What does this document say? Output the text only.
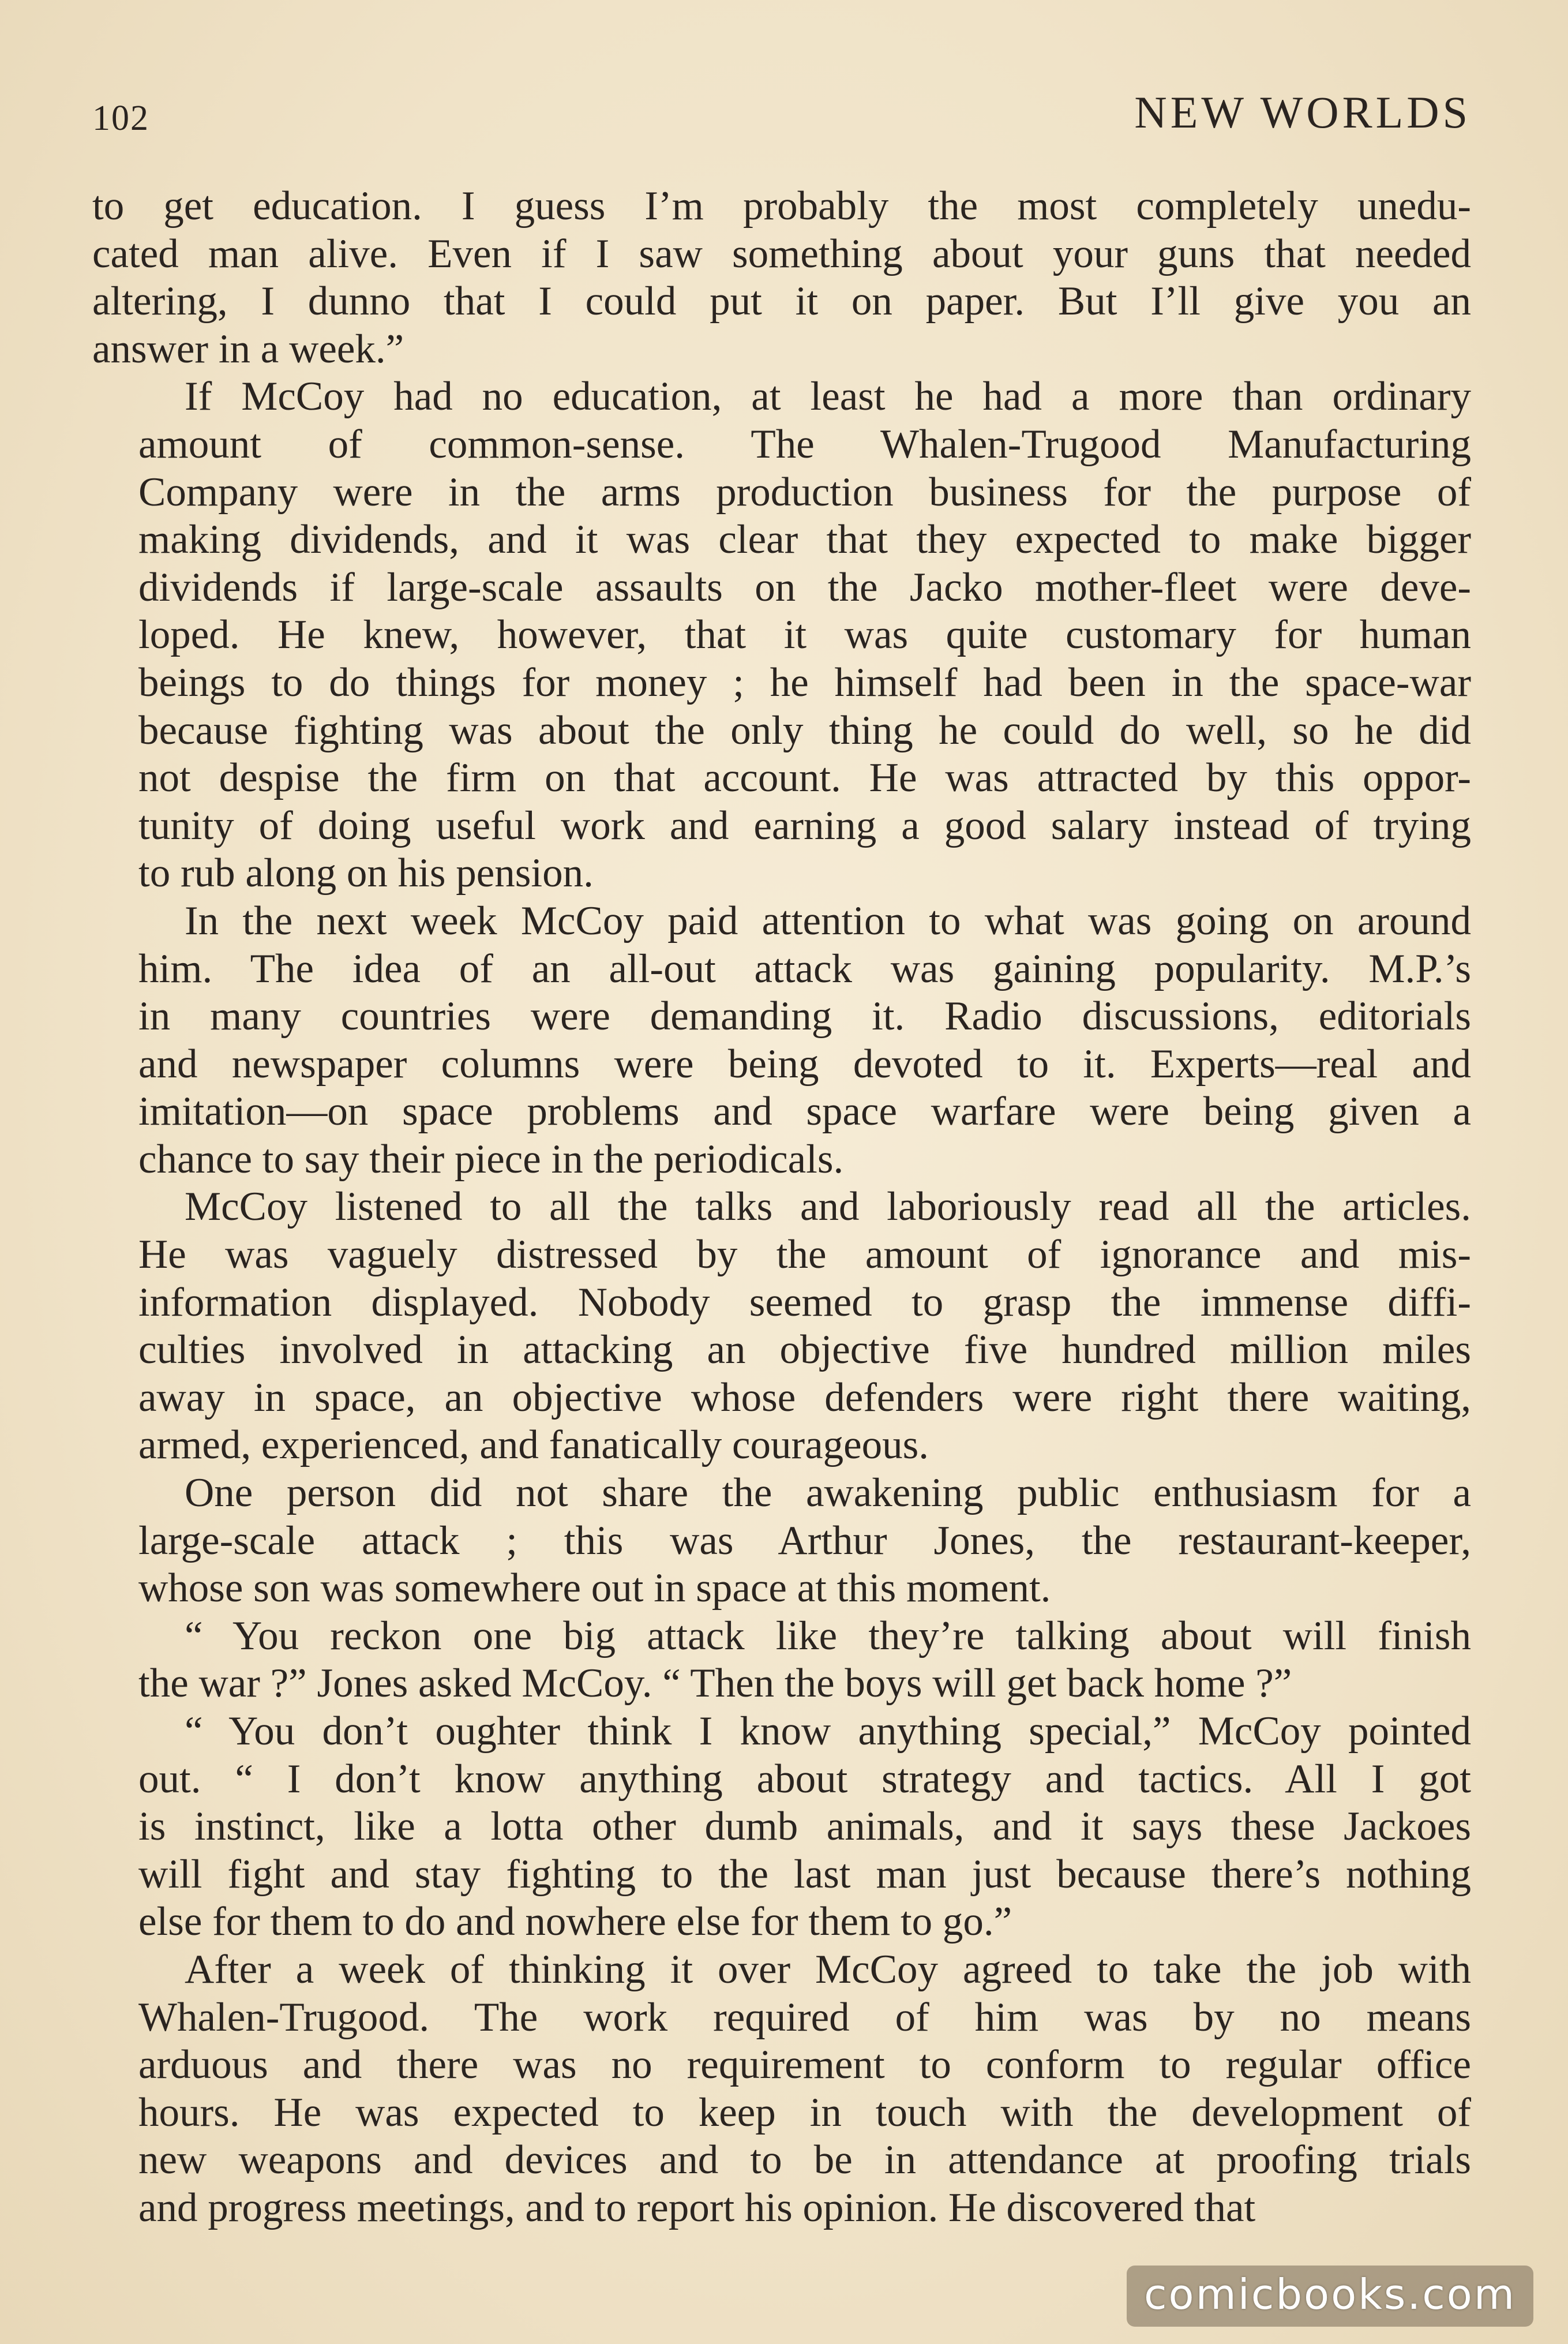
102	NEW WORLDS
to get education. I guess I’m probably the most completely unedu-
cated man alive. Even if I saw something about your guns that needed
altering, I dunno that I could put it on paper. But I’ll give you an
answer in a week.”
If McCoy had no education, at least he had a more than ordinary
amount of common-sense. The Whalen-Trugood Manufacturing
Company were in the arms production business for the purpose of
making dividends, and it was clear that they expected to make bigger
dividends if large-scale assaults on the Jacko mother-fleet were deve-
loped. He knew, however, that it was quite customary for human
beings to do things for money ; he himself had been in the space-war
because fighting was about the only thing he could do well, so he did
not despise the firm on that account. He was attracted by this oppor-
tunity of doing useful work and earning a good salary instead of trying
to rub along on his pension.
In the next week McCoy paid attention to what was going on around
him. The idea of an all-out attack was gaining popularity. M.P.’s
in many countries were demanding it. Radio discussions, editorials
and newspaper columns were being devoted to it. Experts—real and
imitation—on space problems and space warfare were being given a
chance to say their piece in the periodicals.
McCoy listened to all the talks and laboriously read all the articles.
He was vaguely distressed by the amount of ignorance and mis-
information displayed. Nobody seemed to grasp the immense diffi-
culties involved in attacking an objective five hundred million miles
away in space, an objective whose defenders were right there waiting,
armed, experienced, and fanatically courageous.
One person did not share the awakening public enthusiasm for a
large-scale attack ; this was Arthur Jones, the restaurant-keeper,
whose son was somewhere out in space at this moment.
“ You reckon one big attack like they’re talking about will finish
the war ?” Jones asked McCoy. “ Then the boys will get back home ?”
“ You don’t oughter think I know anything special,” McCoy pointed
out. “ I don’t know anything about strategy and tactics. All I got
is instinct, like a lotta other dumb animals, and it says these Jackoes
will fight and stay fighting to the last man just because there’s nothing
else for them to do and nowhere else for them to go.”
After a week of thinking it over McCoy agreed to take the job with
Whalen-Trugood. The work required of him was by no means
arduous and there was no requirement to conform to regular office
hours. He was expected to keep in touch with the development of
new weapons and devices and to be in attendance at proofing trials
and progress meetings, and to report his opinion. He discovered that
comicbooks.com
